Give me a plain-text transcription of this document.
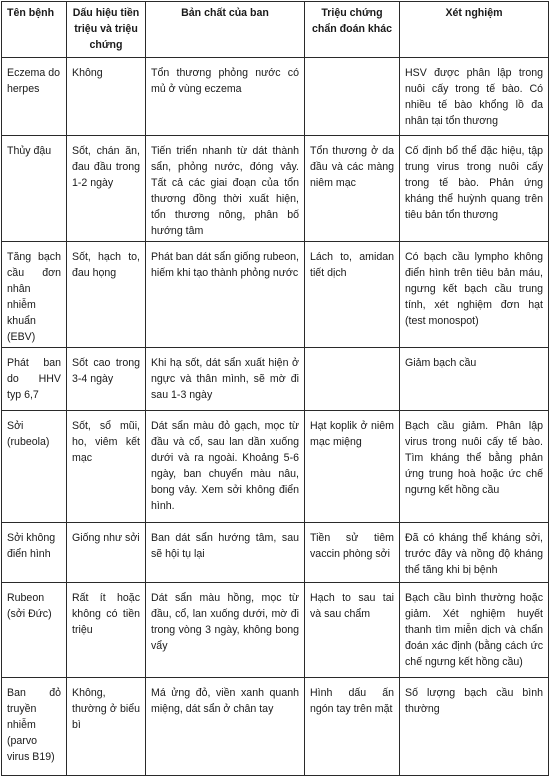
Tên bệnh	Dấu hiệu tiền triệu và triệu chứng	Bản chất của ban	Triệu chứng chẩn đoán khác	Xét nghiệm
Eczema do herpes	Không	Tổn thương phỏng nước có mủ ở vùng eczema		HSV được phân lập trong nuôi cấy trong tế bào. Có nhiều tế bào khổng lồ đa nhân tại tổn thương
Thủy đậu	Sốt, chán ăn, đau đầu trong 1-2 ngày	Tiến triển nhanh từ dát thành sẩn, phỏng nước, đóng vảy. Tất cả các giai đoạn của tổn thương đồng thời xuất hiện, tổn thương nông, phân bố hướng tâm	Tổn thương ở da đầu và các màng niêm mạc	Cố định bổ thể đặc hiệu, tập trung virus trong nuôi cấy trong tế bào. Phản ứng kháng thể huỳnh quang trên tiêu bản tổn thương
Tăng bạch cầu đơn nhân nhiễm khuẩn (EBV)	Sốt, hạch to, đau họng	Phát ban dát sẩn giống rubeon, hiếm khi tạo thành phỏng nước	Lách to, amidan tiết dịch	Có bạch cầu lympho không điển hình trên tiêu bản máu, ngưng kết bạch cầu trung tính, xét nghiệm đơn hạt (test monospot)
Phát ban do HHV typ 6,7	Sốt cao trong 3-4 ngày	Khi hạ sốt, dát sẩn xuất hiện ở ngực và thân mình, sẽ mờ đi sau 1-3 ngày		Giảm bạch cầu
Sởi (rubeola)	Sốt, sổ mũi, ho, viêm kết mạc	Dát sẩn màu đỏ gạch, mọc từ đầu và cổ, sau lan dần xuống dưới và ra ngoài. Khoảng 5-6 ngày, ban chuyển màu nâu, bong vảy. Xem sởi không điển hình.	Hạt koplik ở niêm mạc miệng	Bạch cầu giảm. Phân lập virus trong nuôi cấy tế bào. Tìm kháng thể bằng phản ứng trung hoà hoặc ức chế ngưng kết hồng cầu
Sởi không điển hình	Giống như sởi	Ban dát sẩn hướng tâm, sau sẽ hội tụ lại	Tiền sử tiêm vaccin phòng sởi	Đã có kháng thể kháng sởi, trước đây và nồng độ kháng thể tăng khi bị bệnh
Rubeon (sởi Đức)	Rất ít hoặc không có tiền triệu	Dát sẩn màu hồng, mọc từ đầu, cổ, lan xuống dưới, mờ đi trong vòng 3 ngày, không bong vẩy	Hạch to sau tai và sau chẩm	Bạch cầu bình thường hoặc giảm. Xét nghiệm huyết thanh tìm miễn dịch và chẩn đoán xác định (bằng cách ức chế ngưng kết hồng cầu)
Ban đỏ truyền nhiễm (parvo virus B19)	Không, thường ở biểu bì	Má ửng đỏ, viền xanh quanh miệng, dát sẩn ở chân tay	Hình dấu ấn ngón tay trên mặt	Số lượng bạch cầu bình thường
